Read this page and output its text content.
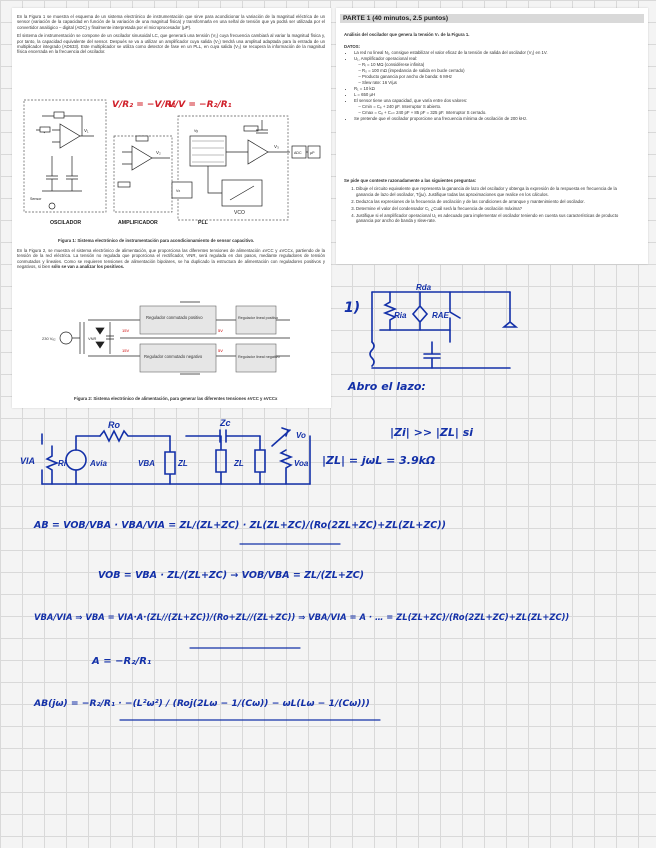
En la Figura 1 se muestra el esquema de un sistema electrónico de instrumentación que sirve para acondicionar la variación de la magnitud eléctrica de un sensor (variación de la capacidad en función de la variación de una magnitud física) y transformarla en una señal de tensión que ya podrá ser utilizada por el convertidor analógico – digital (ADC) y finalmente interpretada por el microprocesador (µP).

El sistema de instrumentación se compone de un oscilador sinusoidal LC, que generará una tensión (V₁) cuya frecuencia cambiará al variar la magnitud física y, por tanto, la capacidad equivalente del sensor. Después se va a utilizar un amplificador cuya salida (V₂) tendrá una amplitud adaptada para la entrada de un multiplicador integrado (AD633). Este multiplicador se utiliza como detector de fase en un PLL, en cuya salida (V₃) se recupera la información de la magnitud física encerrada en la frecuencia del oscilador.

OSCILADOR	AMPLIFICADOR	PLL
VCO
ADC µP
Sensor
Vx
V₁
V₂
V₃
Vy
Figura 1: Sistema electrónico de instrumentación para acondicionamiento de sensor capacitivo.

En la Figura 2, se muestra el sistema electrónico de alimentación, que proporciona las diferentes tensiones de alimentación ±VCC y ±VCCx, partiendo de la tensión de la red eléctrica. La tensión no regulada que proporciona el rectificador, VNR, será regulada en dos pasos, mediante reguladores de tensión conmutados y lineales. Como se requieren tensiones de alimentación bipolares, se ha duplicado la estructura de alimentación con reguladores positivos y negativos, si bien sólo se van a analizar los positivos.

Regulador conmutado positivo	Regulador lineal positivo
Regulador conmutado negativo	Regulador lineal negativo
230 Vₑ₂	VNR
15V
15V
5V
5V
Figura 2: Sistema electrónico de alimentación, para generar las diferentes tensiones ±VCC y ±VCCx
PARTE 1 (40 minutos, 2.5 puntos)
Análisis del oscilador que genera la tensión V₁ de la Figura 1.
DATOS:
• La red no lineal N₁, consigue estabilizar el valor eficaz de la tensión de salida del oscilador (V₁) en 1V.
• U₁, Amplificador operacional real:
– Rᵢ = 10 MΩ (considérese infinita)
– R₀ = 100 mΩ (impedancia de salida en bucle cerrado)
– Producto ganancia por ancho de banda: 6 MHz
– Slew rate: 16 V/µs
• R₁ = 10 kΩ
• L = 650 µH
• El sensor tiene una capacidad, que varía entre dos valores:
– Cmin = Cₑ + 240 pF. Interruptor S abierto.
– Cmax = Cₑ + Cₛ= 240 pF + 85 pF = 325 pF. Interruptor S cerrado.
• Se pretende que el oscilador proporcione una frecuencia mínima de oscilación de 200 kHz.
Se pide que conteste razonadamente a las siguientes preguntas:
1. Dibuje el circuito equivalente que representa la ganancia de lazo del oscilador y obtenga la expresión de la respuesta en frecuencia de la ganancia de lazo del oscilador, T(jω). Justifique todas las aproximaciones que realice en los cálculos.
2. Deduzca las expresiones de la frecuencia de oscilación y de las condiciones de arranque y mantenimiento del oscilador.
3. Determine el valor del condensador C₁ ¿Cuál será la frecuencia de oscilación máxima?
4. Justifique si el amplificador operacional U₁ es adecuado para implementar el oscilador teniendo en cuenta sus características de producto ganancia por ancho de banda y slew-rate.
V/R₂ = −V/R₁
V/V = −R₂/R₁
1)
Rda
Ria	RAE
Abro el lazo:
VIA	Ri	Avia
Ro
VBA	ZL
Zc
ZL	Voa
Vo	|Zi| >> |ZL| si
|ZL| = jωL = 3.9kΩ
AB = VOB/VBA · VBA/VIA = ZL/(ZL+ZC) · ZL(ZL+ZC)/(Ro(2ZL+ZC)+ZL(ZL+ZC))
VOB = VBA · ZL/(ZL+ZC) → VOB/VBA = ZL/(ZL+ZC)
VBA/VIA ⇒ VBA = VIA·A·(ZL//(ZL+ZC))/(Ro+ZL//(ZL+ZC)) ⇒ VBA/VIA = A · … = ZL(ZL+ZC)/(Ro(2ZL+ZC)+ZL(ZL+ZC))
A = −R₂/R₁
AB(jω) = −R₂/R₁ · −(L²ω²) / (Roj(2Lω − 1/(Cω)) − ωL(Lω − 1/(Cω)))
